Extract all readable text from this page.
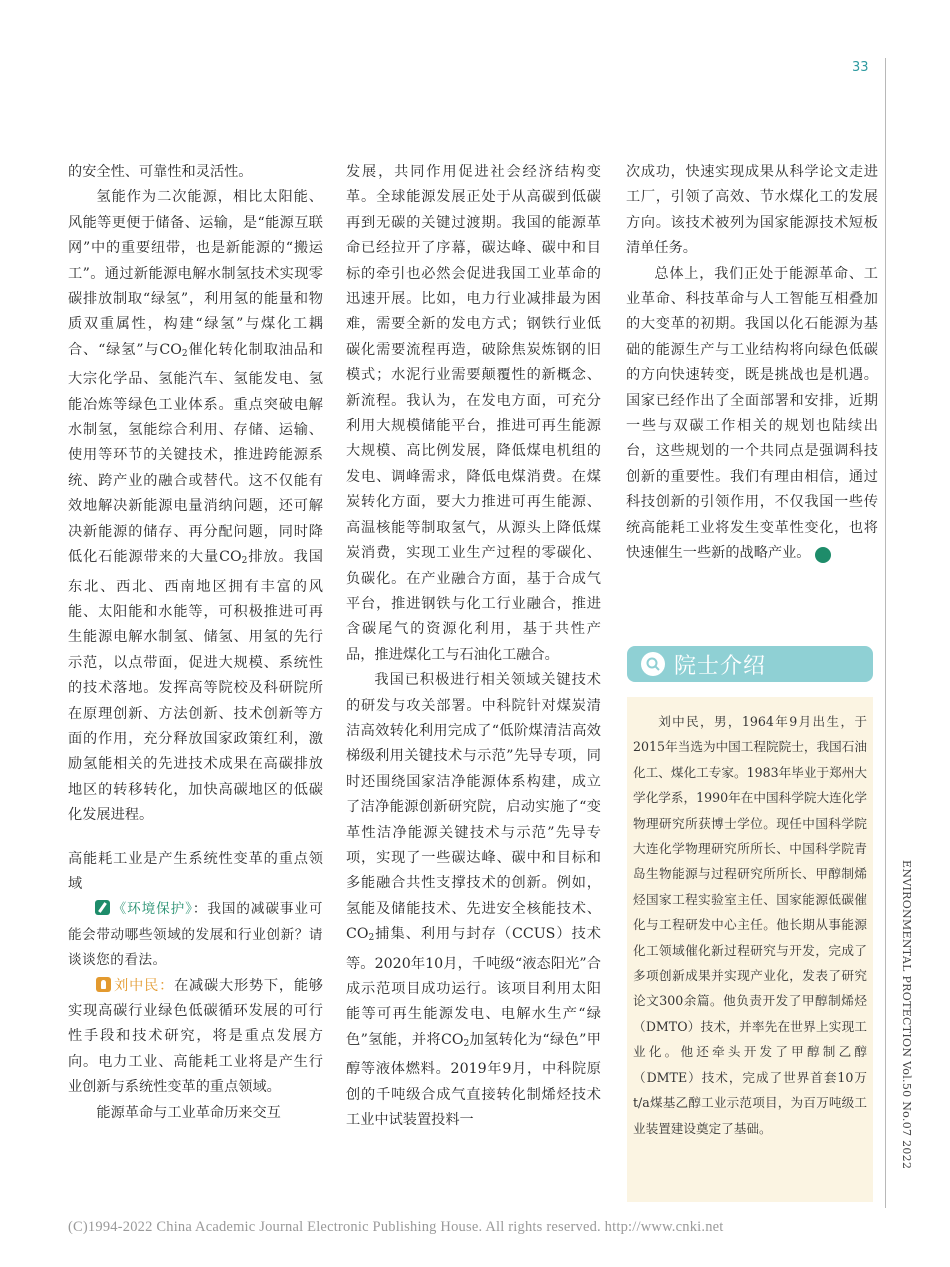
33
ENVIRONMENTAL PROTECTION Vol.50 No.07 2022

的安全性、可靠性和灵活性。

氢能作为二次能源，相比太阳能、风能等更便于储备、运输，是“能源互联网”中的重要纽带，也是新能源的“搬运工”。通过新能源电解水制氢技术实现零碳排放制取“绿氢”，利用氢的能量和物质双重属性，构建“绿氢”与煤化工耦合、“绿氢”与$CO_2$催化转化制取油品和大宗化学品、氢能汽车、氢能发电、氢能冶炼等绿色工业体系。重点突破电解水制氢，氢能综合利用、存储、运输、使用等环节的关键技术，推进跨能源系统、跨产业的融合或替代。这不仅能有效地解决新能源电量消纳问题，还可解决新能源的储存、再分配问题，同时降低化石能源带来的大量$CO_2$排放。我国东北、西北、西南地区拥有丰富的风能、太阳能和水能等，可积极推进可再生能源电解水制氢、储氢、用氢的先行示范，以点带面，促进大规模、系统性的技术落地。发挥高等院校及科研院所在原理创新、方法创新、技术创新等方面的作用，充分释放国家政策红利，激励氢能相关的先进技术成果在高碳排放地区的转移转化，加快高碳地区的低碳化发展进程。

高能耗工业是产生系统性变革的重点领域

《环境保护》：我国的减碳事业可能会带动哪些领域的发展和行业创新？请谈谈您的看法。

刘中民：在减碳大形势下，能够实现高碳行业绿色低碳循环发展的可行性手段和技术研究，将是重点发展方向。电力工业、高能耗工业将是产生行业创新与系统性变革的重点领域。

能源革命与工业革命历来交互

发展，共同作用促进社会经济结构变革。全球能源发展正处于从高碳到低碳再到无碳的关键过渡期。我国的能源革命已经拉开了序幕，碳达峰、碳中和目标的牵引也必然会促进我国工业革命的迅速开展。比如，电力行业减排最为困难，需要全新的发电方式；钢铁行业低碳化需要流程再造，破除焦炭炼钢的旧模式；水泥行业需要颠覆性的新概念、新流程。我认为，在发电方面，可充分利用大规模储能平台，推进可再生能源大规模、高比例发展，降低煤电机组的发电、调峰需求，降低电煤消费。在煤炭转化方面，要大力推进可再生能源、高温核能等制取氢气，从源头上降低煤炭消费，实现工业生产过程的零碳化、负碳化。在产业融合方面，基于合成气平台，推进钢铁与化工行业融合，推进含碳尾气的资源化利用，基于共性产品，推进煤化工与石油化工融合。

我国已积极进行相关领域关键技术的研发与攻关部署。中科院针对煤炭清洁高效转化利用完成了“低阶煤清洁高效梯级利用关键技术与示范”先导专项，同时还围绕国家洁净能源体系构建，成立了洁净能源创新研究院，启动实施了“变革性洁净能源关键技术与示范”先导专项，实现了一些碳达峰、碳中和目标和多能融合共性支撑技术的创新。例如，氢能及储能技术、先进安全核能技术、$CO_2$捕集、利用与封存（CCUS）技术等。2020年10月，千吨级“液态阳光”合成示范项目成功运行。该项目利用太阳能等可再生能源发电、电解水生产“绿色”氢能，并将$CO_2$加氢转化为“绿色”甲醇等液体燃料。2019年9月，中科院原创的千吨级合成气直接转化制烯烃技术工业中试装置投料一

次成功，快速实现成果从科学论文走进工厂，引领了高效、节水煤化工的发展方向。该技术被列为国家能源技术短板清单任务。

总体上，我们正处于能源革命、工业革命、科技革命与人工智能互相叠加的大变革的初期。我国以化石能源为基础的能源生产与工业结构将向绿色低碳的方向快速转变，既是挑战也是机遇。国家已经作出了全面部署和安排，近期一些与双碳工作相关的规划也陆续出台，这些规划的一个共同点是强调科技创新的重要性。我们有理由相信，通过科技创新的引领作用，不仅我国一些传统高能耗工业将发生变革性变化，也将快速催生一些新的战略产业。	HB

院士介绍

刘中民，男，1964年9月出生，于2015年当选为中国工程院院士，我国石油化工、煤化工专家。1983年毕业于郑州大学化学系，1990年在中国科学院大连化学物理研究所获博士学位。现任中国科学院大连化学物理研究所所长、中国科学院青岛生物能源与过程研究所所长、甲醇制烯烃国家工程实验室主任、国家能源低碳催化与工程研发中心主任。他长期从事能源化工领域催化新过程研究与开发，完成了多项创新成果并实现产业化，发表了研究论文300余篇。他负责开发了甲醇制烯烃（DMTO）技术，并率先在世界上实现工业化。他还牵头开发了甲醇制乙醇（DMTE）技术，完成了世界首套10万t/a煤基乙醇工业示范项目，为百万吨级工业装置建设奠定了基础。

(C)1994-2022 China Academic Journal Electronic Publishing House. All rights reserved. http://www.cnki.net
